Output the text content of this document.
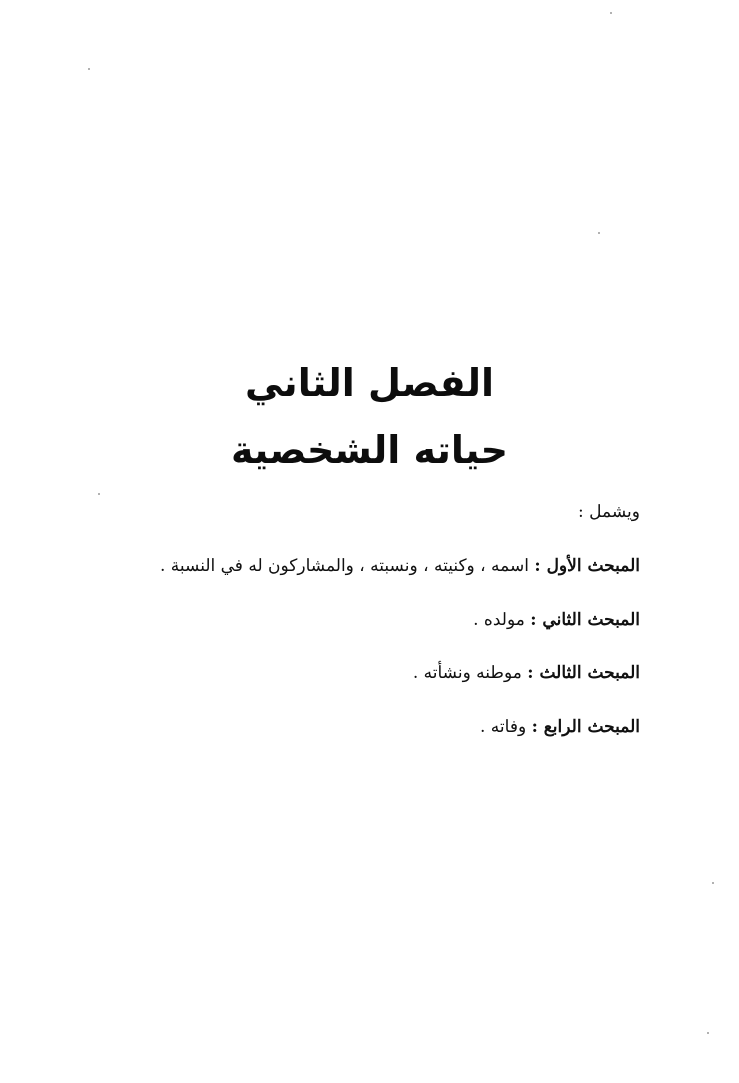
الفصل الثاني
حياته الشخصية
ويشمل :
المبحث الأول : اسمه ، وكنيته ، ونسبته ، والمشاركون له في النسبة .
المبحث الثاني : مولده .
المبحث الثالث : موطنه ونشأته .
المبحث الرابع : وفاته .
